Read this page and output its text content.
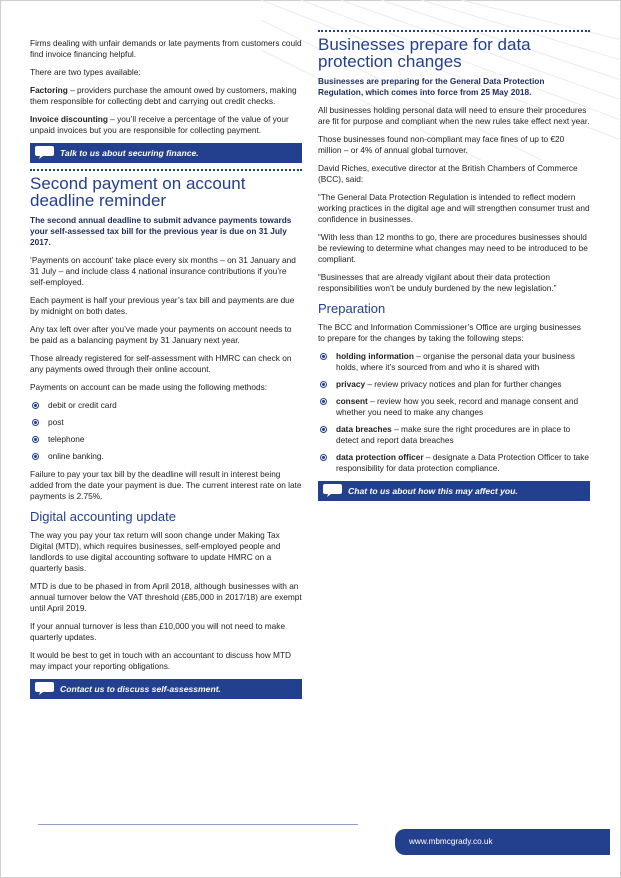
Firms dealing with unfair demands or late payments from customers could find invoice financing helpful.

There are two types available:

Factoring – providers purchase the amount owed by customers, making them responsible for collecting debt and carrying out credit checks.

Invoice discounting – you’ll receive a percentage of the value of your unpaid invoices but you are responsible for collecting payment.

Talk to us about securing finance.
Second payment on account deadline reminder

The second annual deadline to submit advance payments towards your self-assessed tax bill for the previous year is due on 31 July 2017.

‘Payments on account’ take place every six months – on 31 January and 31 July – and include class 4 national insurance contributions if you’re self-employed.

Each payment is half your previous year’s tax bill and payments are due by midnight on both dates.

Any tax left over after you’ve made your payments on account needs to be paid as a balancing payment by 31 January next year.

Those already registered for self-assessment with HMRC can check on any payments owed through their online account.

Payments on account can be made using the following methods:

debit or credit card
post
telephone
online banking.

Failure to pay your tax bill by the deadline will result in interest being added from the date your payment is due. The current interest rate on late payments is 2.75%.

Digital accounting update

The way you pay your tax return will soon change under Making Tax Digital (MTD), which requires businesses, self-employed people and landlords to use digital accounting software to update HMRC on a quarterly basis.

MTD is due to be phased in from April 2018, although businesses with an annual turnover below the VAT threshold (£85,000 in 2017/18) are exempt until April 2019.

If your annual turnover is less than £10,000 you will not need to make quarterly updates.

It would be best to get in touch with an accountant to discuss how MTD may impact your reporting obligations.

Contact us to discuss self-assessment.
Businesses prepare for data protection changes

Businesses are preparing for the General Data Protection Regulation, which comes into force from 25 May 2018.

All businesses holding personal data will need to ensure their procedures are fit for purpose and compliant when the new rules take effect next year.

Those businesses found non-compliant may face fines of up to €20 million – or 4% of annual global turnover.

David Riches, executive director at the British Chambers of Commerce (BCC), said:

“The General Data Protection Regulation is intended to reflect modern working practices in the digital age and will strengthen consumer trust and confidence in businesses.

“With less than 12 months to go, there are procedures businesses should be reviewing to determine what changes may need to be introduced to be compliant.

“Businesses that are already vigilant about their data protection responsibilities won’t be unduly burdened by the new legislation.”

Preparation

The BCC and Information Commissioner’s Office are urging businesses to prepare for the changes by taking the following steps:

holding information – organise the personal data your business holds, where it’s sourced from and who it is shared with
privacy – review privacy notices and plan for further changes
consent – review how you seek, record and manage consent and whether you need to make any changes
data breaches – make sure the right procedures are in place to detect and report data breaches
data protection officer – designate a Data Protection Officer to take responsibility for data protection compliance.
Chat to us about how this may affect you.
www.mbmcgrady.co.uk
